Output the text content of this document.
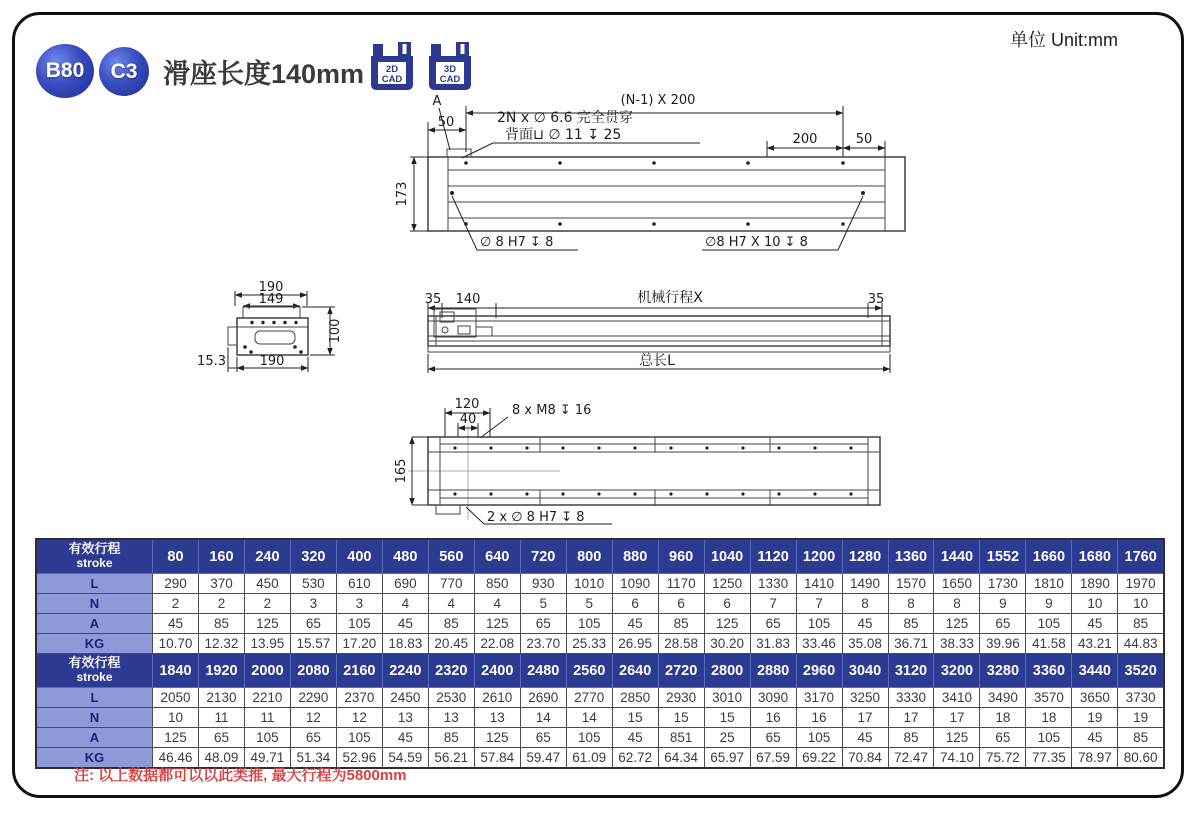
B80 C3 滑座长度140mm 2D
CAD
3D
CAD
单位 Unit:mm
(N-1) X 200
A
50	2N x ∅ 6.6 完全贯穿
背面⊔ ∅ 11 ↧ 25	200	50
173
∅ 8 H7 ↧ 8	∅8 H7 X 10 ↧ 8
190
149
100
15.3	190
35 140	机械行程X	35
总长L
120
40
8 x M8 ↧ 16
165
2 x ∅ 8 H7 ↧ 8
有效行程
stroke	80	160	240	320	400	480	560	640	720	800	880	960	1040	1120	1200	1280	1360	1440	1552	1660	1680	1760
L	290	370	450	530	610	690	770	850	930	1010	1090	1170	1250	1330	1410	1490	1570	1650	1730	1810	1890	1970
N	2	2	2	3	3	4	4	4	5	5	6	6	6	7	7	8	8	8	9	9	10	10
A	45	85	125	65	105	45	85	125	65	105	45	85	125	65	105	45	85	125	65	105	45	85
KG	10.70	12.32	13.95	15.57	17.20	18.83	20.45	22.08	23.70	25.33	26.95	28.58	30.20	31.83	33.46	35.08	36.71	38.33	39.96	41.58	43.21	44.83

有效行程
stroke	1840	1920	2000	2080	2160	2240	2320	2400	2480	2560	2640	2720	2800	2880	2960	3040	3120	3200	3280	3360	3440	3520
L	2050	2130	2210	2290	2370	2450	2530	2610	2690	2770	2850	2930	3010	3090	3170	3250	3330	3410	3490	3570	3650	3730
N	10	11	11	12	12	13	13	13	14	14	15	15	15	16	16	17	17	17	18	18	19	19
A	125	65	105	65	105	45	85	125	65	105	45	851	25	65	105	45	85	125	65	105	45	85
KG	46.46	48.09	49.71	51.34	52.96	54.59	56.21	57.84	59.47	61.09	62.72	64.34	65.97	67.59	69.22	70.84	72.47	74.10	75.72	77.35	78.97	80.60
注: 以上数据都可以以此类推, 最大行程为5800mm
